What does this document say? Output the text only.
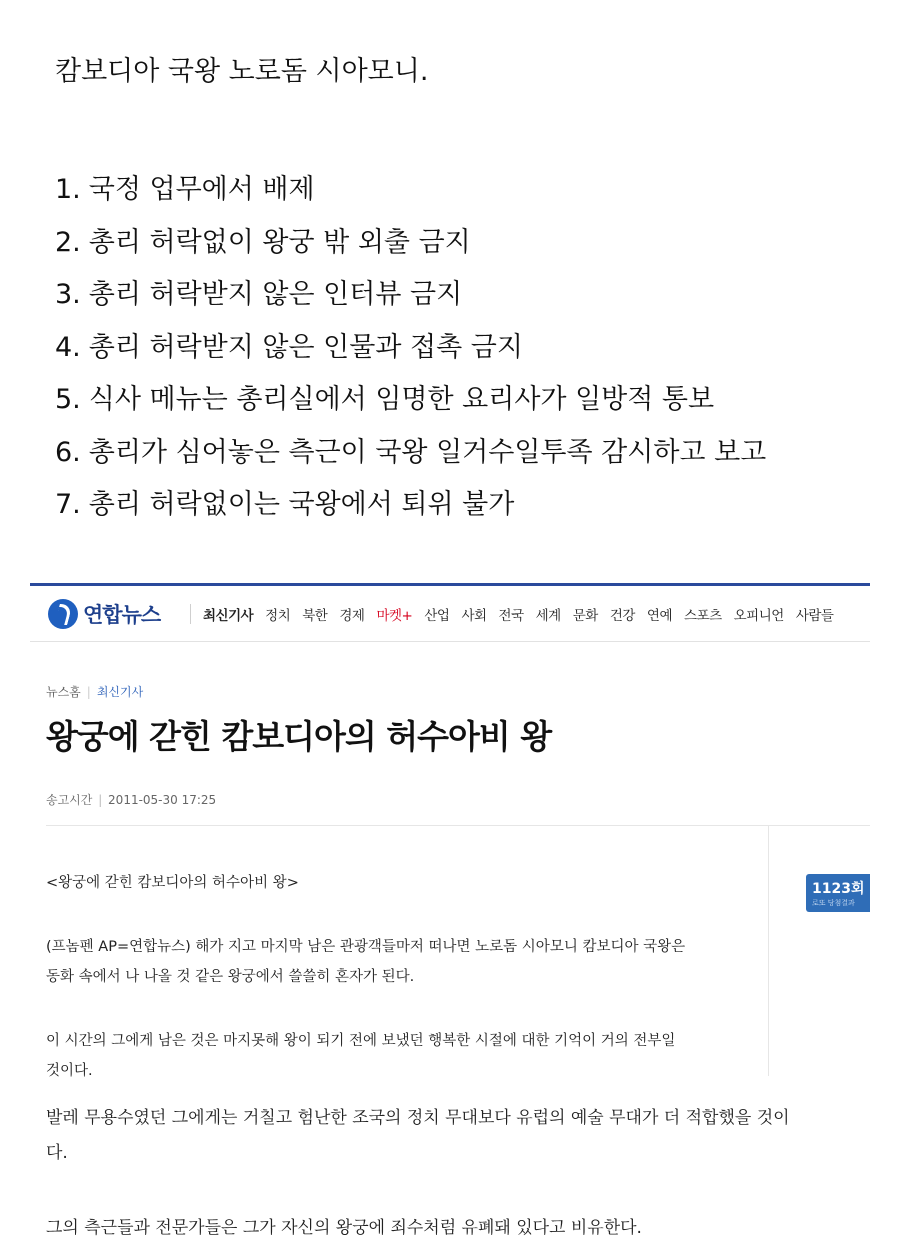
캄보디아 국왕 노로돔 시아모니.

1. 국정 업무에서 배제
2. 총리 허락없이 왕궁 밖 외출 금지
3. 총리 허락받지 않은 인터뷰 금지
4. 총리 허락받지 않은 인물과 접촉 금지
5. 식사 메뉴는 총리실에서 임명한 요리사가 일방적 통보
6. 총리가 심어놓은 측근이 국왕 일거수일투족 감시하고 보고
7. 총리 허락없이는 국왕에서 퇴위 불가
연합뉴스	최신기사 정치 북한 경제 마켓+ 산업 사회 전국 세계 문화 건강 연예 스포츠 오피니언 사람들
뉴스홈 | 최신기사
왕궁에 갇힌 캄보디아의 허수아비 왕
송고시간 | 2011-05-30 17:25
1123회
로또 당첨결과

<왕궁에 갇힌 캄보디아의 허수아비 왕>

(프놈펜 AP=연합뉴스) 해가 지고 마지막 남은 관광객들마저 떠나면 노로돔 시아모니 캄보디아 국왕은

동화 속에서 나 나올 것 같은 왕궁에서 쓸쓸히 혼자가 된다.

이 시간의 그에게 남은 것은 마지못해 왕이 되기 전에 보냈던 행복한 시절에 대한 기억이 거의 전부일

것이다.

발레 무용수였던 그에게는 거칠고 험난한 조국의 정치 무대보다 유럽의 예술 무대가 더 적합했을 것이

다.

그의 측근들과 전문가들은 그가 자신의 왕궁에 죄수처럼 유폐돼 있다고 비유한다.
